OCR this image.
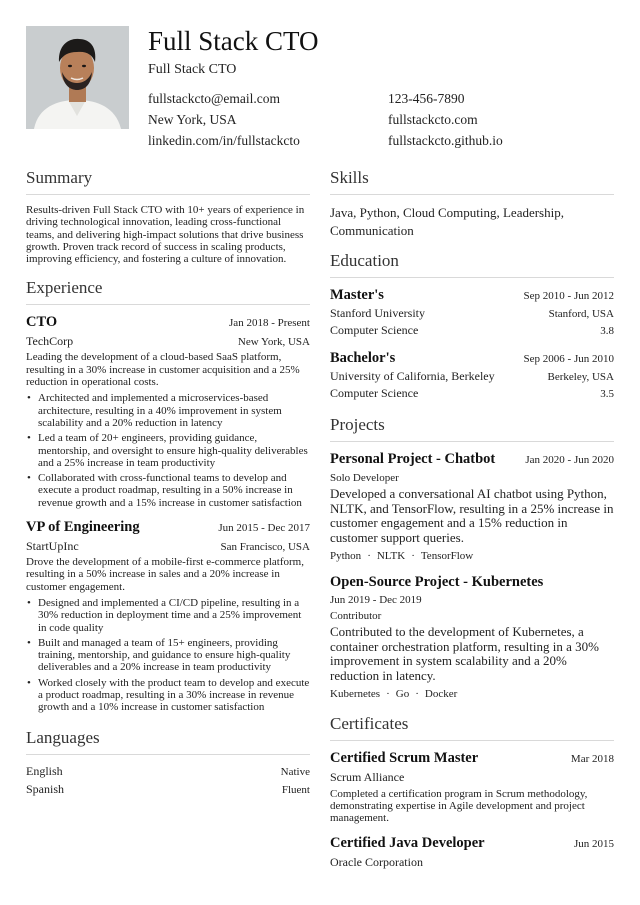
Full Stack CTO
Full Stack CTO
fullstackcto@email.com	123-456-7890
New York, USA	fullstackcto.com
linkedin.com/in/fullstackcto	fullstackcto.github.io
Summary
Results-driven Full Stack CTO with 10+ years of experience in driving technological innovation, leading cross-functional teams, and delivering high-impact solutions that drive business growth. Proven track record of success in scaling products, improving efficiency, and fostering a culture of innovation.
Experience
CTO	Jan 2018 - Present
TechCorp	New York, USA
Leading the development of a cloud-based SaaS platform, resulting in a 30% increase in customer acquisition and a 25% reduction in operational costs.
• Architected and implemented a microservices-based architecture, resulting in a 40% improvement in system scalability and a 20% reduction in latency
• Led a team of 20+ engineers, providing guidance, mentorship, and oversight to ensure high-quality deliverables and a 25% increase in team productivity
• Collaborated with cross-functional teams to develop and execute a product roadmap, resulting in a 50% increase in revenue growth and a 15% increase in customer satisfaction
VP of Engineering	Jun 2015 - Dec 2017
StartUpInc	San Francisco, USA
Drove the development of a mobile-first e-commerce platform, resulting in a 50% increase in sales and a 20% increase in customer engagement.
• Designed and implemented a CI/CD pipeline, resulting in a 30% reduction in deployment time and a 25% improvement in code quality
• Built and managed a team of 15+ engineers, providing training, mentorship, and guidance to ensure high-quality deliverables and a 20% increase in team productivity
• Worked closely with the product team to develop and execute a product roadmap, resulting in a 30% increase in revenue growth and a 10% increase in customer satisfaction
Languages
English	Native
Spanish	Fluent
Skills
Java, Python, Cloud Computing, Leadership, Communication
Education
Master's	Sep 2010 - Jun 2012
Stanford University	Stanford, USA
Computer Science	3.8
Bachelor's	Sep 2006 - Jun 2010
University of California, Berkeley	Berkeley, USA
Computer Science	3.5
Projects
Personal Project - Chatbot	Jan 2020 - Jun 2020
Solo Developer
Developed a conversational AI chatbot using Python, NLTK, and TensorFlow, resulting in a 25% increase in customer engagement and a 15% reduction in customer support queries.
Python · NLTK · TensorFlow
Open-Source Project - Kubernetes
Jun 2019 - Dec 2019
Contributor
Contributed to the development of Kubernetes, a container orchestration platform, resulting in a 30% improvement in system scalability and a 20% reduction in latency.
Kubernetes · Go · Docker
Certificates
Certified Scrum Master	Mar 2018
Scrum Alliance
Completed a certification program in Scrum methodology, demonstrating expertise in Agile development and project management.
Certified Java Developer	Jun 2015
Oracle Corporation
